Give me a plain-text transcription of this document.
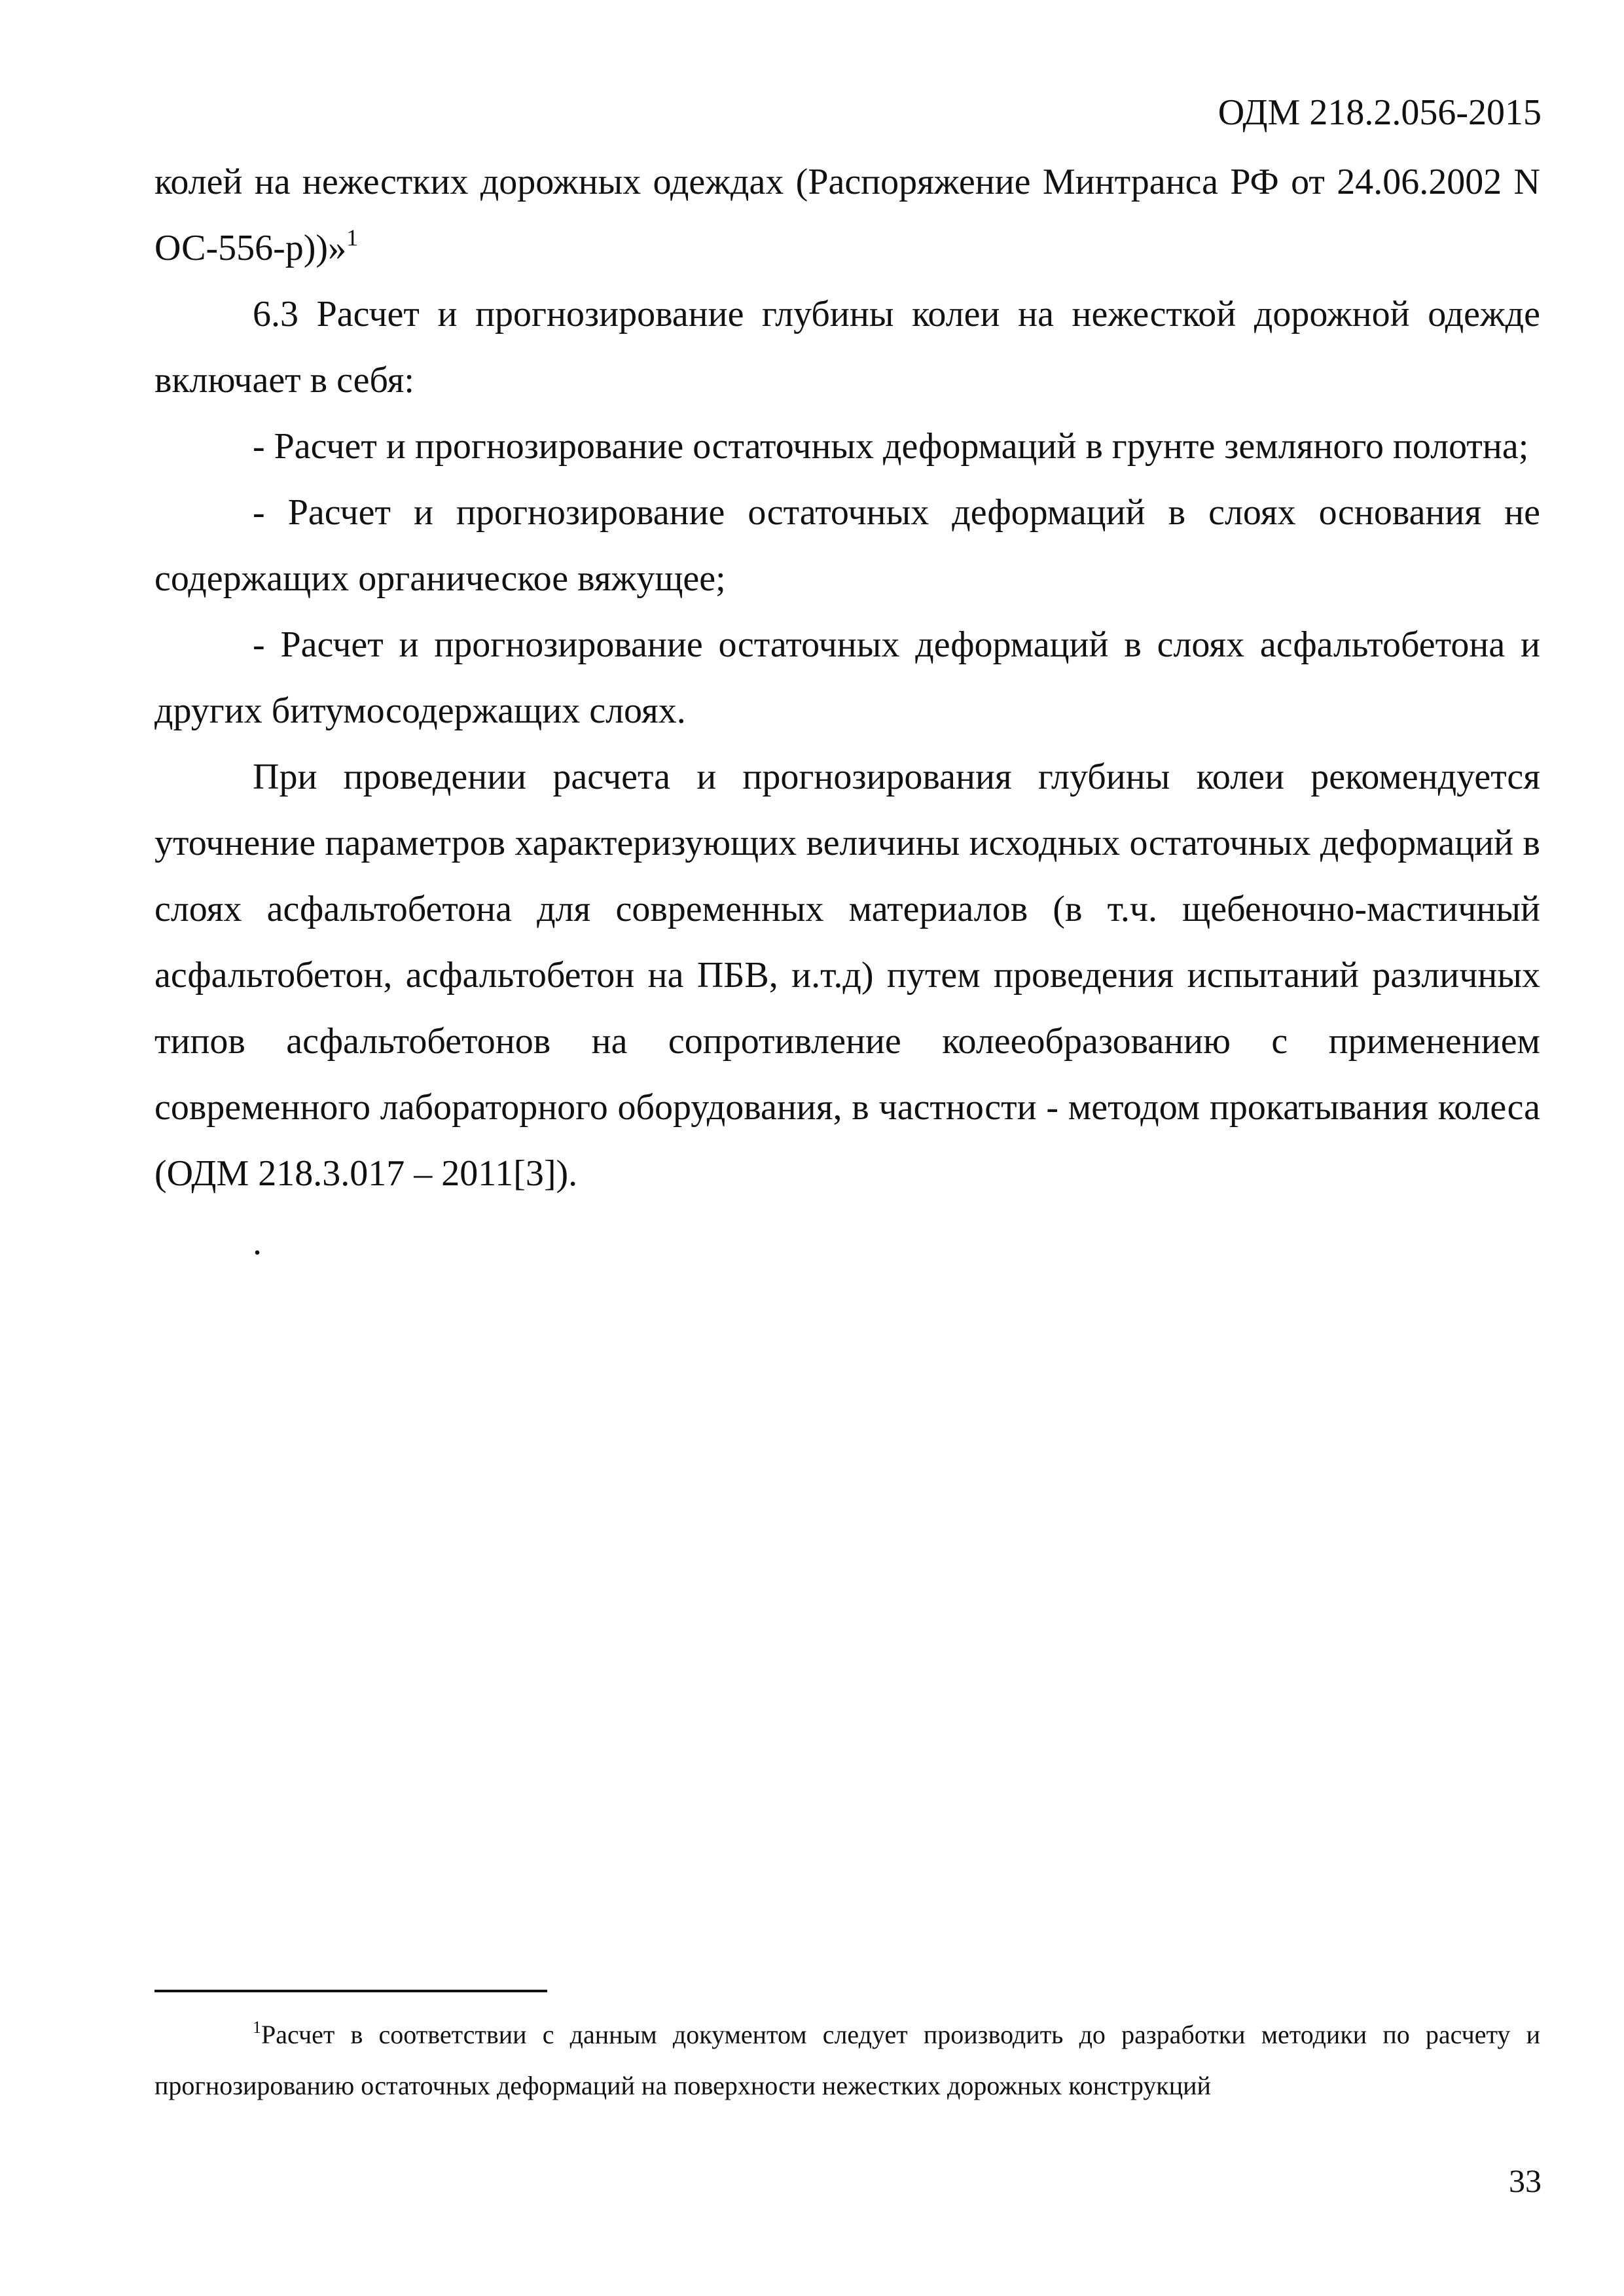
ОДМ 218.2.056-2015

колей на нежестких дорожных одеждах (Распоряжение Минтранса РФ от 24.06.2002 N ОС-556-р))»$^1$

6.3 Расчет и прогнозирование глубины колеи на нежесткой дорожной одежде включает в себя:

- Расчет и прогнозирование остаточных деформаций в грунте земляного полотна;

- Расчет и прогнозирование остаточных деформаций в слоях основания не содержащих органическое вяжущее;

- Расчет и прогнозирование остаточных деформаций в слоях асфальтобетона и других битумосодержащих слоях.

При проведении расчета и прогнозирования глубины колеи рекомендуется уточнение параметров характеризующих величины исходных остаточных деформаций в слоях асфальтобетона для современных материалов (в т.ч. щебеночно-мастичный асфальтобетон, асфальтобетон на ПБВ, и.т.д) путем проведения испытаний различных типов асфальтобетонов на сопротивление колееобразованию с применением современного лабораторного оборудования, в частности - методом прокатывания колеса (ОДМ 218.3.017 – 2011[3]).

.

$^1$Расчет в соответствии с данным документом следует производить до разработки методики по расчету и прогнозированию остаточных деформаций на поверхности нежестких дорожных конструкций

33
